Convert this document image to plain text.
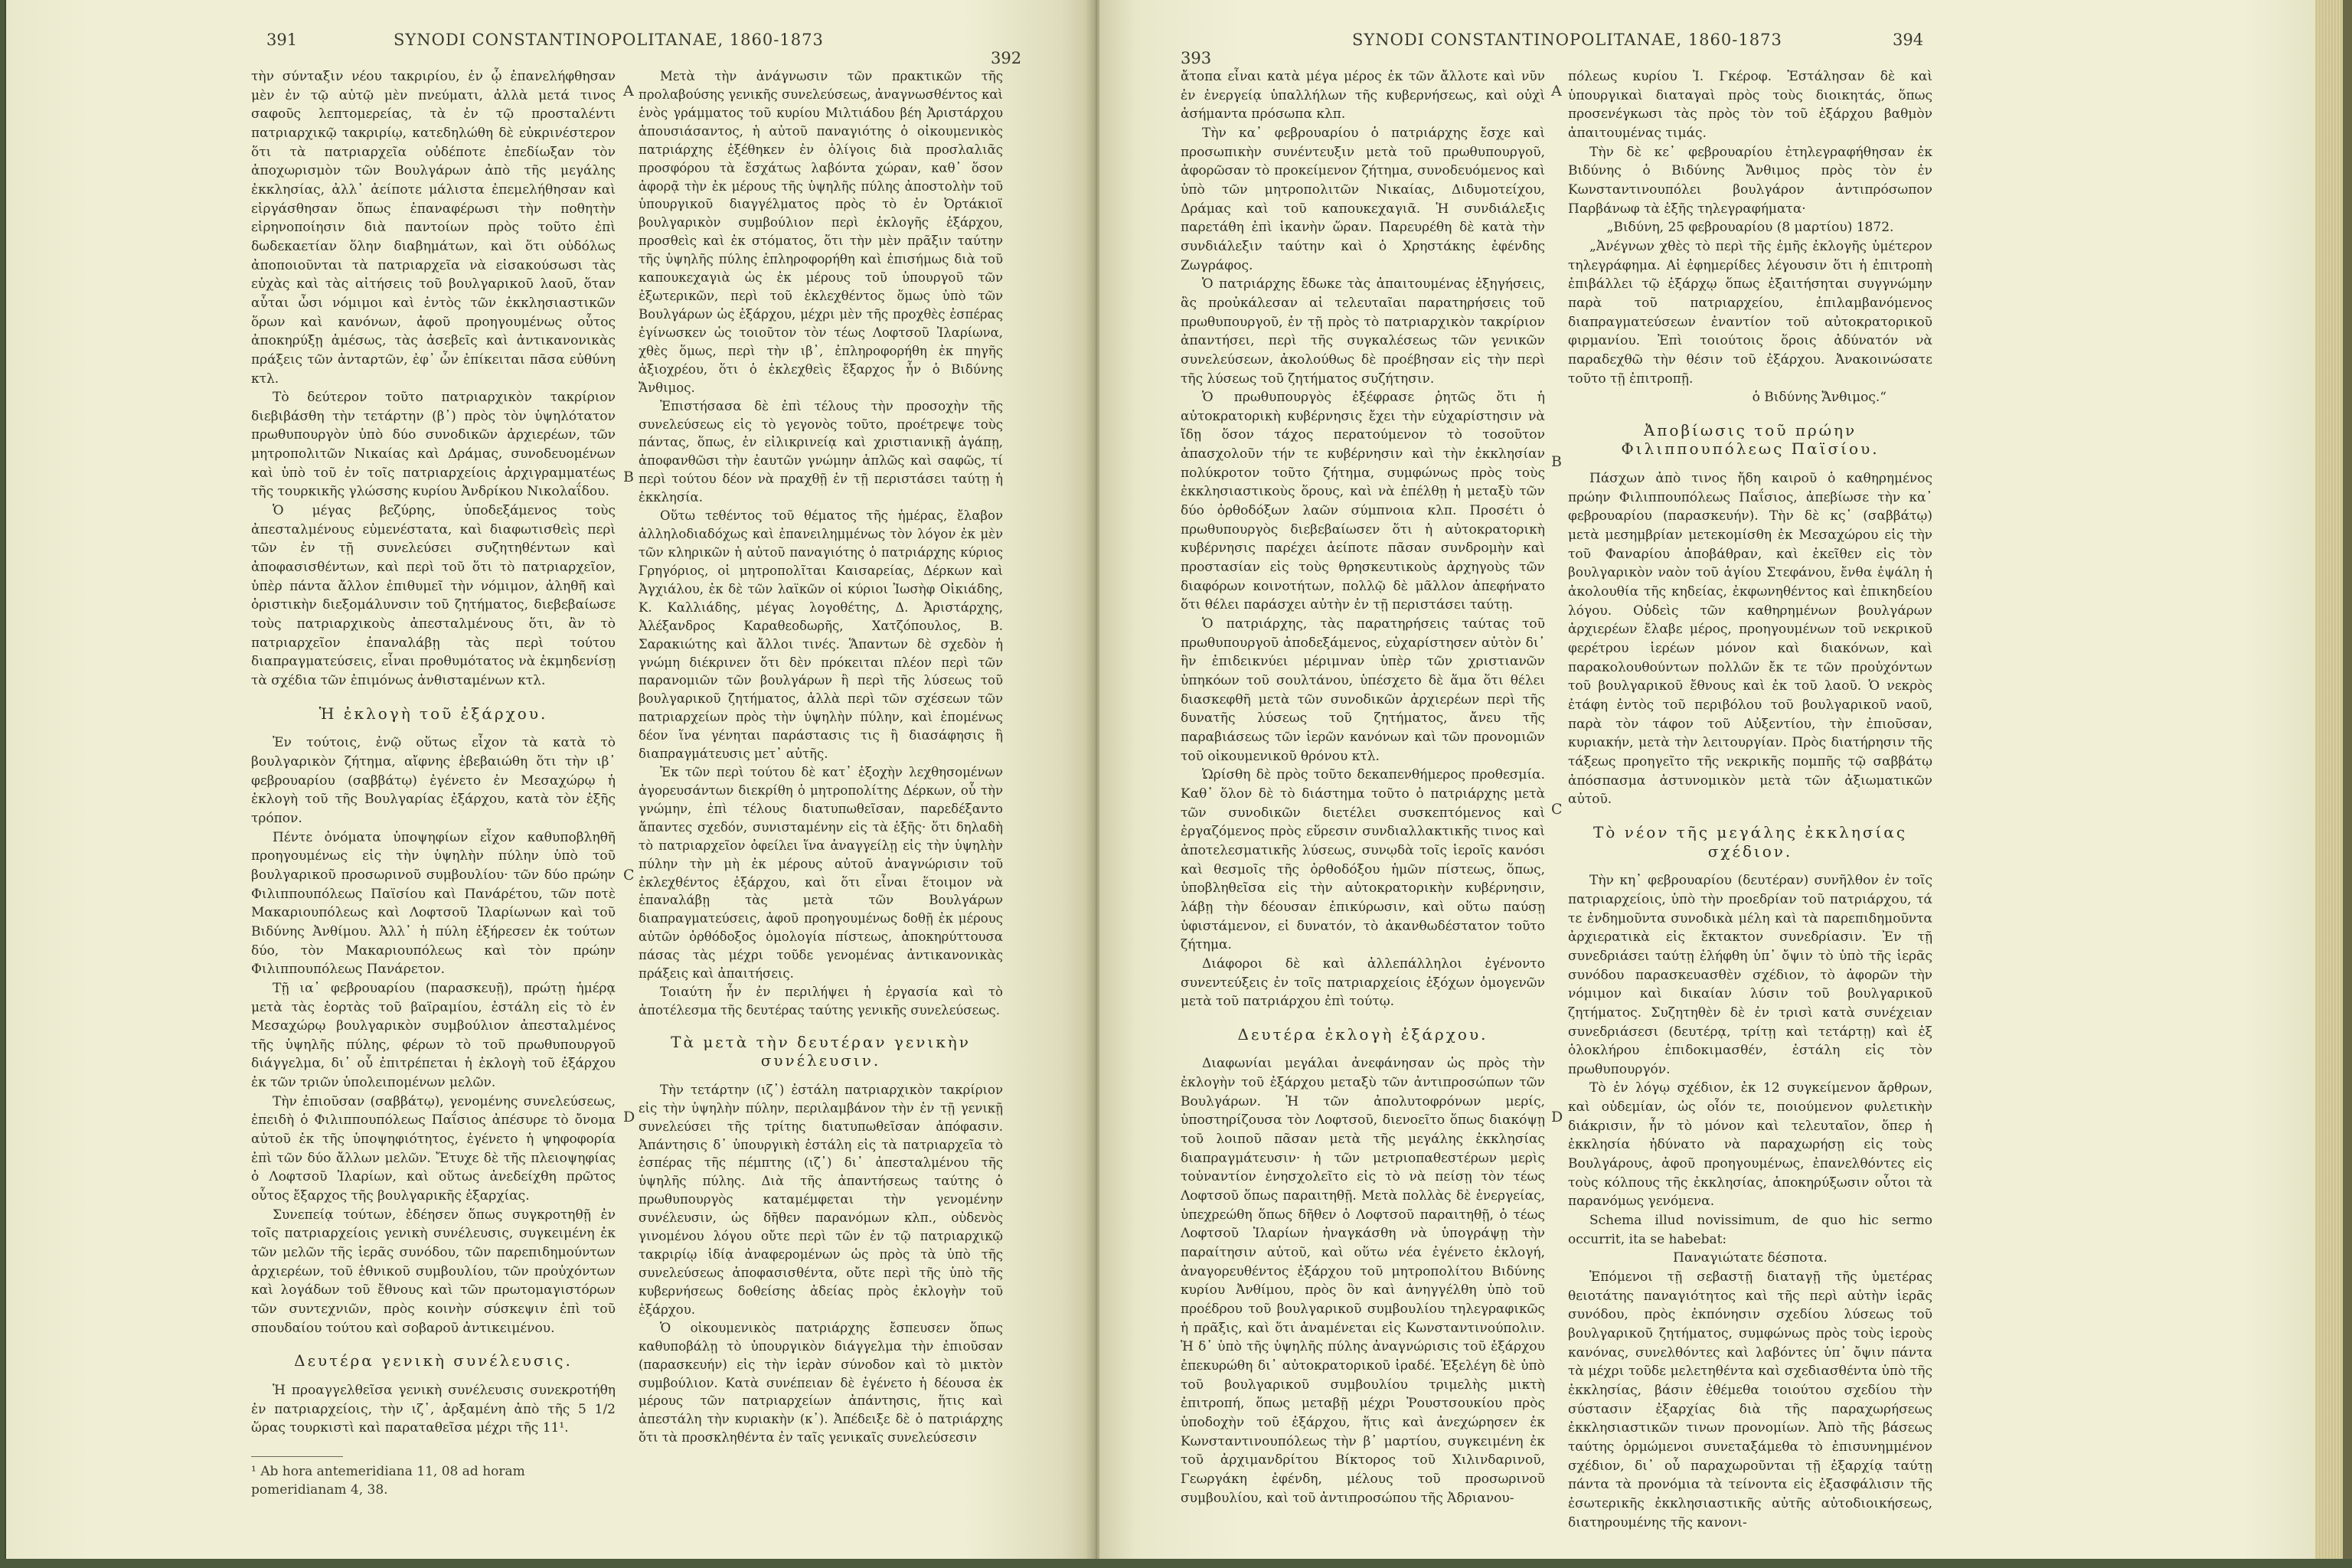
391	SYNODI CONSTANTINOPOLITANAE, 1860-1873
392

τὴν σύνταξιν νέου τακριρίου, ἐν ᾧ ἐπανελήφθησαν μὲν ἐν τῷ αὐτῷ μὲν πνεύματι, ἀλλὰ μετά τινος σαφοῦς λεπτομερείας, τὰ ἐν τῷ προσταλέντι πατριαρχικῷ τακριρίῳ, κατεδηλώθη δὲ εὐκρινέστερον ὅτι τὰ πατριαρχεῖα οὐδέποτε ἐπεδίωξαν τὸν ἀποχωρισμὸν τῶν Βουλγάρων ἀπὸ τῆς μεγάλης ἐκκλησίας, ἀλλ᾽ ἀείποτε μάλιστα ἐπεμελήθησαν καὶ εἰργάσθησαν ὅπως ἐπαναφέρωσι τὴν ποθητὴν εἰρηνοποίησιν διὰ παντοίων πρὸς τοῦτο ἐπὶ δωδεκαετίαν ὅλην διαβημάτων, καὶ ὅτι οὐδόλως ἀποποιοῦνται τὰ πατριαρχεῖα νὰ εἰσακούσωσι τὰς εὐχὰς καὶ τὰς αἰτήσεις τοῦ βουλγαρικοῦ λαοῦ, ὅταν αὗται ὦσι νόμιμοι καὶ ἐντὸς τῶν ἐκκλησιαστικῶν ὅρων καὶ κανόνων, ἀφοῦ προηγουμένως οὗτος ἀποκηρύξῃ ἀμέσως, τὰς ἀσεβεῖς καὶ ἀντικανονικὰς πράξεις τῶν ἀνταρτῶν, ἐφ᾽ ὧν ἐπίκειται πᾶσα εὐθύνη κτλ.

Τὸ δεύτερον τοῦτο πατριαρχικὸν τακρίριον διεβιβάσθη τὴν τετάρτην (β᾽) πρὸς τὸν ὑψηλότατον πρωθυπουργὸν ὑπὸ δύο συνοδικῶν ἀρχιερέων, τῶν μητροπολιτῶν Νικαίας καὶ Δράμας, συνοδευομένων καὶ ὑπὸ τοῦ ἐν τοῖς πατριαρχείοις ἀρχιγραμματέως τῆς τουρκικῆς γλώσσης κυρίου Ἀνδρίκου Νικολαΐδου.

Ὁ μέγας βεζύρης, ὑποδεξάμενος τοὺς ἀπεσταλμένους εὐμενέστατα, καὶ διαφωτισθεὶς περὶ τῶν ἐν τῇ συνελεύσει συζητηθέντων καὶ ἀποφασισθέντων, καὶ περὶ τοῦ ὅτι τὸ πατριαρχεῖον, ὑπὲρ πάντα ἄλλον ἐπιθυμεῖ τὴν νόμιμον, ἀληθῆ καὶ ὁριστικὴν διεξομάλυνσιν τοῦ ζητήματος, διεβεβαίωσε τοὺς πατριαρχικοὺς ἀπεσταλμένους ὅτι, ἂν τὸ πατριαρχεῖον ἐπαναλάβῃ τὰς περὶ τούτου διαπραγματεύσεις, εἶναι προθυμότατος νὰ ἐκμηδενίσῃ τὰ σχέδια τῶν ἐπιμόνως ἀνθισταμένων κτλ.

Ἡ ἐκλογὴ τοῦ ἐξάρχου.

Ἐν τούτοις, ἐνῷ οὕτως εἶχον τὰ κατὰ τὸ βουλγαρικὸν ζήτημα, αἴφνης ἐβεβαιώθη ὅτι τὴν ιβ᾽ φεβρουαρίου (σαββάτῳ) ἐγένετο ἐν Μεσαχώρῳ ἡ ἐκλογὴ τοῦ τῆς Βουλγαρίας ἐξάρχου, κατὰ τὸν ἑξῆς τρόπον.

Πέντε ὀνόματα ὑποψηφίων εἶχον καθυποβληθῆ προηγουμένως εἰς τὴν ὑψηλὴν πύλην ὑπὸ τοῦ βουλγαρικοῦ προσωρινοῦ συμβουλίου· τῶν δύο πρώην Φιλιππουπόλεως Παϊσίου καὶ Πανάρέτου, τῶν ποτὲ Μακαριουπόλεως καὶ Λοφτσοῦ Ἰλαρίωνων καὶ τοῦ Βιδύνης Ἀνθίμου. Ἀλλ᾽ ἡ πύλη ἐξήρεσεν ἐκ τούτων δύο, τὸν Μακαριουπόλεως καὶ τὸν πρώην Φιλιππουπόλεως Πανάρετον.

Τῇ ια᾽ φεβρουαρίου (παρασκευῇ), πρώτῃ ἡμέρᾳ μετὰ τὰς ἑορτὰς τοῦ βαϊραμίου, ἐστάλη εἰς τὸ ἐν Μεσαχώρῳ βουλγαρικὸν συμβούλιον ἀπεσταλμένος τῆς ὑψηλῆς πύλης, φέρων τὸ τοῦ πρωθυπουργοῦ διάγγελμα, δι᾽ οὗ ἐπιτρέπεται ἡ ἐκλογὴ τοῦ ἐξάρχου ἐκ τῶν τριῶν ὑπολειπομένων μελῶν.

Τὴν ἐπιοῦσαν (σαββάτῳ), γενομένης συνελεύσεως, ἐπειδὴ ὁ Φιλιππουπόλεως Παΐσιος ἀπέσυρε τὸ ὄνομα αὐτοῦ ἐκ τῆς ὑποψηφιότητος, ἐγένετο ἡ ψηφοφορία ἐπὶ τῶν δύο ἄλλων μελῶν. Ἔτυχε δὲ τῆς πλειοψηφίας ὁ Λοφτσοῦ Ἰλαρίων, καὶ οὕτως ἀνεδείχθη πρῶτος οὗτος ἔξαρχος τῆς βουλγαρικῆς ἐξαρχίας.

Συνεπείᾳ τούτων, ἐδέησεν ὅπως συγκροτηθῇ ἐν τοῖς πατριαρχείοις γενικὴ συνέλευσις, συγκειμένη ἐκ τῶν μελῶν τῆς ἱερᾶς συνόδου, τῶν παρεπιδημούντων ἀρχιερέων, τοῦ ἐθνικοῦ συμβουλίου, τῶν προὐχόντων καὶ λογάδων τοῦ ἔθνους καὶ τῶν πρωτομαγιστόρων τῶν συντεχνιῶν, πρὸς κοινὴν σύσκεψιν ἐπὶ τοῦ σπουδαίου τούτου καὶ σοβαροῦ ἀντικειμένου.

Δευτέρα γενικὴ συνέλευσις.

Ἡ προαγγελθεῖσα γενικὴ συνέλευσις συνεκροτήθη ἐν πατριαρχείοις, τὴν ιζ᾽, ἀρξαμένη ἀπὸ τῆς 5 1/2 ὥρας τουρκιστὶ καὶ παραταθεῖσα μέχρι τῆς 11¹.

¹ Ab hora antemeridiana 11, 08 ad horam pomeridianam 4, 38.
A
B
C
D

Μετὰ τὴν ἀνάγνωσιν τῶν πρακτικῶν τῆς προλαβούσης γενικῆς συνελεύσεως, ἀναγνωσθέντος καὶ ἑνὸς γράμματος τοῦ κυρίου Μιλτιάδου βέη Ἀριστάρχου ἀπουσιάσαντος, ἡ αὐτοῦ παναγιότης ὁ οἰκουμενικὸς πατριάρχης ἐξέθηκεν ἐν ὀλίγοις διὰ προσλαλιᾶς προσφόρου τὰ ἔσχάτως λαβόντα χώραν, καθ᾽ ὅσον ἀφορᾷ τὴν ἐκ μέρους τῆς ὑψηλῆς πύλης ἀποστολὴν τοῦ ὑπουργικοῦ διαγγέλματος πρὸς τὸ ἐν Ὀρτάκιοϊ βουλγαρικὸν συμβούλιον περὶ ἐκλογῆς ἐξάρχου, προσθεὶς καὶ ἐκ στόματος, ὅτι τὴν μὲν πρᾶξιν ταύτην τῆς ὑψηλῆς πύλης ἐπληροφορήθη καὶ ἐπισήμως διὰ τοῦ καπουκεχαγιὰ ὡς ἐκ μέρους τοῦ ὑπουργοῦ τῶν ἐξωτερικῶν, περὶ τοῦ ἐκλεχθέντος ὅμως ὑπὸ τῶν Βουλγάρων ὡς ἐξάρχου, μέχρι μὲν τῆς προχθὲς ἐσπέρας ἐγίνωσκεν ὡς τοιοῦτον τὸν τέως Λοφτσοῦ Ἰλαρίωνα, χθὲς ὅμως, περὶ τὴν ιβ᾽, ἐπληροφορήθη ἐκ πηγῆς ἀξιοχρέου, ὅτι ὁ ἐκλεχθεὶς ἔξαρχος ἦν ὁ Βιδύνης Ἄνθιμος.

Ἐπιστήσασα δὲ ἐπὶ τέλους τὴν προσοχὴν τῆς συνελεύσεως εἰς τὸ γεγονὸς τοῦτο, προέτρεψε τοὺς πάντας, ὅπως, ἐν εἰλικρινείᾳ καὶ χριστιανικῇ ἀγάπῃ, ἀποφανθῶσι τὴν ἑαυτῶν γνώμην ἁπλῶς καὶ σαφῶς, τί περὶ τούτου δέον νὰ πραχθῇ ἐν τῇ περιστάσει ταύτῃ ἡ ἐκκλησία.

Οὕτω τεθέντος τοῦ θέματος τῆς ἡμέρας, ἔλαβον ἀλληλοδιαδόχως καὶ ἐπανειλημμένως τὸν λόγον ἐκ μὲν τῶν κληρικῶν ἡ αὐτοῦ παναγιότης ὁ πατριάρχης κύριος Γρηγόριος, οἱ μητροπολῖται Καισαρείας, Δέρκων καὶ Ἀγχιάλου, ἐκ δὲ τῶν λαϊκῶν οἱ κύριοι Ἰωσὴφ Οἰκιάδης, Κ. Καλλιάδης, μέγας λογοθέτης, Δ. Ἀριστάρχης, Ἀλέξανδρος Καραθεοδωρῆς, Χατζόπουλος, Β. Σαρακιώτης καὶ ἄλλοι τινές. Ἅπαντων δὲ σχεδὸν ἡ γνώμη διέκρινεν ὅτι δὲν πρόκειται πλέον περὶ τῶν παρανομιῶν τῶν βουλγάρων ἢ περὶ τῆς λύσεως τοῦ βουλγαρικοῦ ζητήματος, ἀλλὰ περὶ τῶν σχέσεων τῶν πατριαρχείων πρὸς τὴν ὑψηλὴν πύλην, καὶ ἐπομένως δέον ἵνα γένηται παράστασις τις ἢ διασάφησις ἢ διαπραγμάτευσις μετ᾽ αὐτῆς.

Ἐκ τῶν περὶ τούτου δὲ κατ᾽ ἐξοχὴν λεχθησομένων ἀγορευσάντων διεκρίθη ὁ μητροπολίτης Δέρκων, οὗ τὴν γνώμην, ἐπὶ τέλους διατυπωθεῖσαν, παρεδέξαντο ἅπαντες σχεδόν, συνισταμένην εἰς τὰ ἑξῆς· ὅτι δηλαδὴ τὸ πατριαρχεῖον ὀφείλει ἵνα ἀναγγείλῃ εἰς τὴν ὑψηλὴν πύλην τὴν μὴ ἐκ μέρους αὐτοῦ ἀναγνώρισιν τοῦ ἐκλεχθέντος ἐξάρχου, καὶ ὅτι εἶναι ἕτοιμον νὰ ἐπαναλάβῃ τὰς μετὰ τῶν Βουλγάρων διαπραγματεύσεις, ἀφοῦ προηγουμένως δοθῇ ἐκ μέρους αὐτῶν ὀρθόδοξος ὁμολογία πίστεως, ἀποκηρύττουσα πάσας τὰς μέχρι τοῦδε γενομένας ἀντικανονικὰς πράξεις καὶ ἀπαιτήσεις.

Τοιαύτη ἦν ἐν περιλήψει ἡ ἐργασία καὶ τὸ ἀποτέλεσμα τῆς δευτέρας ταύτης γενικῆς συνελεύσεως.

Τὰ μετὰ τὴν δευτέραν γενικὴν συνέλευσιν.

Τὴν τετάρτην (ιζ᾽) ἐστάλη πατριαρχικὸν τακρίριον εἰς τὴν ὑψηλὴν πύλην, περιλαμβάνον τὴν ἐν τῇ γενικῇ συνελεύσει τῆς τρίτης διατυπωθεῖσαν ἀπόφασιν. Ἀπάντησις δ᾽ ὑπουργικὴ ἐστάλη εἰς τὰ πατριαρχεῖα τὸ ἑσπέρας τῆς πέμπτης (ιζ᾽) δι᾽ ἀπεσταλμένου τῆς ὑψηλῆς πύλης. Διὰ τῆς ἀπαντήσεως ταύτης ὁ πρωθυπουργὸς καταμέμφεται τὴν γενομένην συνέλευσιν, ὡς δῆθεν παρανόμων κλπ., οὐδενὸς γινομένου λόγου οὔτε περὶ τῶν ἐν τῷ πατριαρχικῷ τακριρίῳ ἰδίᾳ ἀναφερομένων ὡς πρὸς τὰ ὑπὸ τῆς συνελεύσεως ἀποφασισθέντα, οὔτε περὶ τῆς ὑπὸ τῆς κυβερνήσεως δοθείσης ἀδείας πρὸς ἐκλογὴν τοῦ ἐξάρχου.

Ὁ οἰκουμενικὸς πατριάρχης ἔσπευσεν ὅπως καθυποβάλῃ τὸ ὑπουργικὸν διάγγελμα τὴν ἐπιοῦσαν (παρασκευήν) εἰς τὴν ἱερὰν σύνοδον καὶ τὸ μικτὸν συμβούλιον. Κατὰ συνέπειαν δὲ ἐγένετο ἡ δέουσα ἐκ μέρους τῶν πατριαρχείων ἀπάντησις, ἥτις καὶ ἀπεστάλη τὴν κυριακὴν (κ᾽). Ἀπέδειξε δὲ ὁ πατριάρχης ὅτι τὰ προσκληθέντα ἐν ταῖς γενικαῖς συνελεύσεσιν

393
SYNODI CONSTANTINOPOLITANAE, 1860-1873	394

ἄτοπα εἶναι κατὰ μέγα μέρος ἐκ τῶν ἄλλοτε καὶ νῦν ἐν ἐνεργείᾳ ὑπαλλήλων τῆς κυβερνήσεως, καὶ οὐχὶ ἀσήμαντα πρόσωπα κλπ.

Τὴν κα᾽ φεβρουαρίου ὁ πατριάρχης ἔσχε καὶ προσωπικὴν συνέντευξιν μετὰ τοῦ πρωθυπουργοῦ, ἀφορῶσαν τὸ προκείμενον ζήτημα, συνοδευόμενος καὶ ὑπὸ τῶν μητροπολιτῶν Νικαίας, Διδυμοτείχου, Δράμας καὶ τοῦ καπουκεχαγιᾶ. Ἡ συνδιάλεξις παρετάθη ἐπὶ ἱκανὴν ὥραν. Παρευρέθη δὲ κατὰ τὴν συνδιάλεξιν ταύτην καὶ ὁ Χρηστάκης ἐφένδης Ζωγράφος.

Ὁ πατριάρχης ἔδωκε τὰς ἀπαιτουμένας ἐξηγήσεις, ἃς προὐκάλεσαν αἱ τελευταῖαι παρατηρήσεις τοῦ πρωθυπουργοῦ, ἐν τῇ πρὸς τὸ πατριαρχικὸν τακρίριον ἀπαντήσει, περὶ τῆς συγκαλέσεως τῶν γενικῶν συνελεύσεων, ἀκολούθως δὲ προέβησαν εἰς τὴν περὶ τῆς λύσεως τοῦ ζητήματος συζήτησιν.

Ὁ πρωθυπουργὸς ἐξέφρασε ῥητῶς ὅτι ἡ αὐτοκρατορικὴ κυβέρνησις ἔχει τὴν εὐχαρίστησιν νὰ ἴδῃ ὅσον τάχος περατούμενον τὸ τοσοῦτον ἀπασχολοῦν τήν τε κυβέρνησιν καὶ τὴν ἐκκλησίαν πολύκροτον τοῦτο ζήτημα, συμφώνως πρὸς τοὺς ἐκκλησιαστικοὺς ὅρους, καὶ νὰ ἐπέλθῃ ἡ μεταξὺ τῶν δύο ὀρθοδόξων λαῶν σύμπνοια κλπ. Προσέτι ὁ πρωθυπουργὸς διεβεβαίωσεν ὅτι ἡ αὐτοκρατορικὴ κυβέρνησις παρέχει ἀείποτε πᾶσαν συνδρομὴν καὶ προστασίαν εἰς τοὺς θρησκευτικοὺς ἀρχηγοὺς τῶν διαφόρων κοινοτήτων, πολλῷ δὲ μᾶλλον ἀπεφήνατο ὅτι θέλει παράσχει αὐτὴν ἐν τῇ περιστάσει ταύτῃ.

Ὁ πατριάρχης, τὰς παρατηρήσεις ταύτας τοῦ πρωθυπουργοῦ ἀποδεξάμενος, εὐχαρίστησεν αὐτὸν δι᾽ ἣν ἐπιδεικνύει μέριμναν ὑπὲρ τῶν χριστιανῶν ὑπηκόων τοῦ σουλτάνου, ὑπέσχετο δὲ ἅμα ὅτι θέλει διασκεφθῆ μετὰ τῶν συνοδικῶν ἀρχιερέων περὶ τῆς δυνατῆς λύσεως τοῦ ζητήματος, ἄνευ τῆς παραβιάσεως τῶν ἱερῶν κανόνων καὶ τῶν προνομιῶν τοῦ οἰκουμενικοῦ θρόνου κτλ.

Ὡρίσθη δὲ πρὸς τοῦτο δεκαπενθήμερος προθεσμία. Καθ᾽ ὅλον δὲ τὸ διάστημα τοῦτο ὁ πατριάρχης μετὰ τῶν συνοδικῶν διετέλει συσκεπτόμενος καὶ ἐργαζόμενος πρὸς εὕρεσιν συνδιαλλακτικῆς τινος καὶ ἀποτελεσματικῆς λύσεως, συνῳδὰ τοῖς ἱεροῖς κανόσι καὶ θεσμοῖς τῆς ὀρθοδόξου ἡμῶν πίστεως, ὅπως, ὑποβληθεῖσα εἰς τὴν αὐτοκρατορικὴν κυβέρνησιν, λάβῃ τὴν δέουσαν ἐπικύρωσιν, καὶ οὕτω παύσῃ ὑφιστάμενον, εἰ δυνατόν, τὸ ἀκανθωδέστατον τοῦτο ζήτημα.

Διάφοροι δὲ καὶ ἀλλεπάλληλοι ἐγένοντο συνεντεύξεις ἐν τοῖς πατριαρχείοις ἐξόχων ὁμογενῶν μετὰ τοῦ πατριάρχου ἐπὶ τούτῳ.

Δευτέρα ἐκλογὴ ἐξάρχου.

Διαφωνίαι μεγάλαι ἀνεφάνησαν ὡς πρὸς τὴν ἐκλογὴν τοῦ ἐξάρχου μεταξὺ τῶν ἀντιπροσώπων τῶν Βουλγάρων. Ἡ τῶν ἀπολυτοφρόνων μερίς, ὑποστηρίζουσα τὸν Λοφτσοῦ, διενοεῖτο ὅπως διακόψῃ τοῦ λοιποῦ πᾶσαν μετὰ τῆς μεγάλης ἐκκλησίας διαπραγμάτευσιν· ἡ τῶν μετριοπαθεστέρων μερὶς τοὐναντίον ἐνησχολεῖτο εἰς τὸ νὰ πείσῃ τὸν τέως Λοφτσοῦ ὅπως παραιτηθῇ. Μετὰ πολλὰς δὲ ἐνεργείας, ὑπεχρεώθη ὅπως δῆθεν ὁ Λοφτσοῦ παραιτηθῇ, ὁ τέως Λοφτσοῦ Ἰλαρίων ἠναγκάσθη νὰ ὑπογράψῃ τὴν παραίτησιν αὐτοῦ, καὶ οὕτω νέα ἐγένετο ἐκλογή, ἀναγορευθέντος ἐξάρχου τοῦ μητροπολίτου Βιδύνης κυρίου Ἀνθίμου, πρὸς ὃν καὶ ἀνηγγέλθη ὑπὸ τοῦ προέδρου τοῦ βουλγαρικοῦ συμβουλίου τηλεγραφικῶς ἡ πρᾶξις, καὶ ὅτι ἀναμένεται εἰς Κωνσταντινούπολιν. Ἡ δ᾽ ὑπὸ τῆς ὑψηλῆς πύλης ἀναγνώρισις τοῦ ἐξάρχου ἐπεκυρώθη δι᾽ αὐτοκρατορικοῦ ἰραδέ. Ἐξελέγη δὲ ὑπὸ τοῦ βουλγαρικοῦ συμβουλίου τριμελὴς μικτὴ ἐπιτροπή, ὅπως μεταβῇ μέχρι Ῥουστσουκίου πρὸς ὑποδοχὴν τοῦ ἐξάρχου, ἥτις καὶ ἀνεχώρησεν ἐκ Κωνσταντινουπόλεως τὴν β᾽ μαρτίου, συγκειμένη ἐκ τοῦ ἀρχιμανδρίτου Βίκτορος τοῦ Χιλινδαρινοῦ, Γεωργάκη ἐφένδη, μέλους τοῦ προσωρινοῦ συμβουλίου, καὶ τοῦ ἀντιπροσώπου τῆς Ἀδριανου-

A
B
C
D

πόλεως κυρίου Ἰ. Γκέροφ. Ἐστάλησαν δὲ καὶ ὑπουργικαὶ διαταγαὶ πρὸς τοὺς διοικητάς, ὅπως προσενέγκωσι τὰς πρὸς τὸν τοῦ ἐξάρχου βαθμὸν ἀπαιτουμένας τιμάς.

Τὴν δὲ κε᾽ φεβρουαρίου ἐτηλεγραφήθησαν ἐκ Βιδύνης ὁ Βιδύνης Ἄνθιμος πρὸς τὸν ἐν Κωνσταντινουπόλει βουλγάρον ἀντιπρόσωπον Παρβάνωφ τὰ ἑξῆς τηλεγραφήματα·

„Βιδύνη, 25 φεβρουαρίου (8 μαρτίου) 1872.

„Ἀνέγνων χθὲς τὸ περὶ τῆς ἐμῆς ἐκλογῆς ὑμέτερον τηλεγράφημα. Αἱ ἐφημερίδες λέγουσιν ὅτι ἡ ἐπιτροπὴ ἐπιβάλλει τῷ ἐξάρχῳ ὅπως ἐξαιτήσηται συγγνώμην παρὰ τοῦ πατριαρχείου, ἐπιλαμβανόμενος διαπραγματεύσεων ἐναντίον τοῦ αὐτοκρατορικοῦ φιρμανίου. Ἐπὶ τοιούτοις ὅροις ἀδύνατόν νὰ παραδεχθῶ τὴν θέσιν τοῦ ἐξάρχου. Ἀνακοινώσατε τοῦτο τῇ ἐπιτροπῇ.

ὁ Βιδύνης Ἄνθιμος.“

Ἀποβίωσις τοῦ πρώην Φιλιππουπόλεως Παϊσίου.

Πάσχων ἀπὸ τινος ἤδη καιροῦ ὁ καθηρημένος πρώην Φιλιππουπόλεως Παΐσιος, ἀπεβίωσε τὴν κα᾽ φεβρουαρίου (παρασκευήν). Τὴν δὲ κς᾽ (σαββάτῳ) μετὰ μεσημβρίαν μετεκομίσθη ἐκ Μεσαχώρου εἰς τὴν τοῦ Φαναρίου ἀποβάθραν, καὶ ἐκεῖθεν εἰς τὸν βουλγαρικὸν ναὸν τοῦ ἁγίου Στεφάνου, ἔνθα ἐψάλη ἡ ἀκολουθία τῆς κηδείας, ἐκφωνηθέντος καὶ ἐπικηδείου λόγου. Οὐδεὶς τῶν καθηρημένων βουλγάρων ἀρχιερέων ἔλαβε μέρος, προηγουμένων τοῦ νεκρικοῦ φερέτρου ἱερέων μόνον καὶ διακόνων, καὶ παρακολουθούντων πολλῶν ἔκ τε τῶν προὐχόντων τοῦ βουλγαρικοῦ ἔθνους καὶ ἐκ τοῦ λαοῦ. Ὁ νεκρὸς ἐτάφη ἐντὸς τοῦ περιβόλου τοῦ βουλγαρικοῦ ναοῦ, παρὰ τὸν τάφον τοῦ Αὐξεντίου, τὴν ἐπιοῦσαν, κυριακήν, μετὰ τὴν λειτουργίαν. Πρὸς διατήρησιν τῆς τάξεως προηγεῖτο τῆς νεκρικῆς πομπῆς τῷ σαββάτῳ ἀπόσπασμα ἀστυνομικὸν μετὰ τῶν ἀξιωματικῶν αὐτοῦ.

Τὸ νέον τῆς μεγάλης ἐκκλησίας σχέδιον.

Τὴν κη᾽ φεβρουαρίου (δευτέραν) συνῆλθον ἐν τοῖς πατριαρχείοις, ὑπὸ τὴν προεδρίαν τοῦ πατριάρχου, τά τε ἐνδημοῦντα συνοδικὰ μέλη καὶ τὰ παρεπιδημοῦντα ἀρχιερατικὰ εἰς ἔκτακτον συνεδρίασιν. Ἐν τῇ συνεδριάσει ταύτῃ ἐλήφθη ὑπ᾽ ὄψιν τὸ ὑπὸ τῆς ἱερᾶς συνόδου παρασκευασθὲν σχέδιον, τὸ ἀφορῶν τὴν νόμιμον καὶ δικαίαν λύσιν τοῦ βουλγαρικοῦ ζητήματος. Συζητηθὲν δὲ ἐν τρισὶ κατὰ συνέχειαν συνεδριάσεσι (δευτέρᾳ, τρίτῃ καὶ τετάρτῃ) καὶ ἐξ ὁλοκλήρου ἐπιδοκιμασθέν, ἐστάλη εἰς τὸν πρωθυπουργόν.

Τὸ ἐν λόγῳ σχέδιον, ἐκ 12 συγκείμενον ἄρθρων, καὶ οὐδεμίαν, ὡς οἷόν τε, ποιούμενον φυλετικὴν διάκρισιν, ἦν τὸ μόνον καὶ τελευταῖον, ὅπερ ἡ ἐκκλησία ἠδύνατο νὰ παραχωρήσῃ εἰς τοὺς Βουλγάρους, ἀφοῦ προηγουμένως, ἐπανελθόντες εἰς τοὺς κόλπους τῆς ἐκκλησίας, ἀποκηρύξωσιν οὗτοι τὰ παρανόμως γενόμενα.

Schema illud novissimum, de quo hic sermo occurrit, ita se habebat:

Παναγιώτατε δέσποτα.

Ἑπόμενοι τῇ σεβαστῇ διαταγῇ τῆς ὑμετέρας θειοτάτης παναγιότητος καὶ τῆς περὶ αὐτὴν ἱερᾶς συνόδου, πρὸς ἐκπόνησιν σχεδίου λύσεως τοῦ βουλγαρικοῦ ζητήματος, συμφώνως πρὸς τοὺς ἱεροὺς κανόνας, συνελθόντες καὶ λαβόντες ὑπ᾽ ὄψιν πάντα τὰ μέχρι τοῦδε μελετηθέντα καὶ σχεδιασθέντα ὑπὸ τῆς ἐκκλησίας, βάσιν ἐθέμεθα τοιούτου σχεδίου τὴν σύστασιν ἐξαρχίας διὰ τῆς παραχωρήσεως ἐκκλησιαστικῶν τινων προνομίων. Ἀπὸ τῆς βάσεως ταύτης ὁρμώμενοι συνεταξάμεθα τὸ ἐπισυνημμένον σχέδιον, δι᾽ οὗ παραχωροῦνται τῇ ἐξαρχίᾳ ταύτῃ πάντα τὰ προνόμια τὰ τείνοντα εἰς ἐξασφάλισιν τῆς ἐσωτερικῆς ἐκκλησιαστικῆς αὐτῆς αὐτοδιοικήσεως, διατηρουμένης τῆς κανονι-
